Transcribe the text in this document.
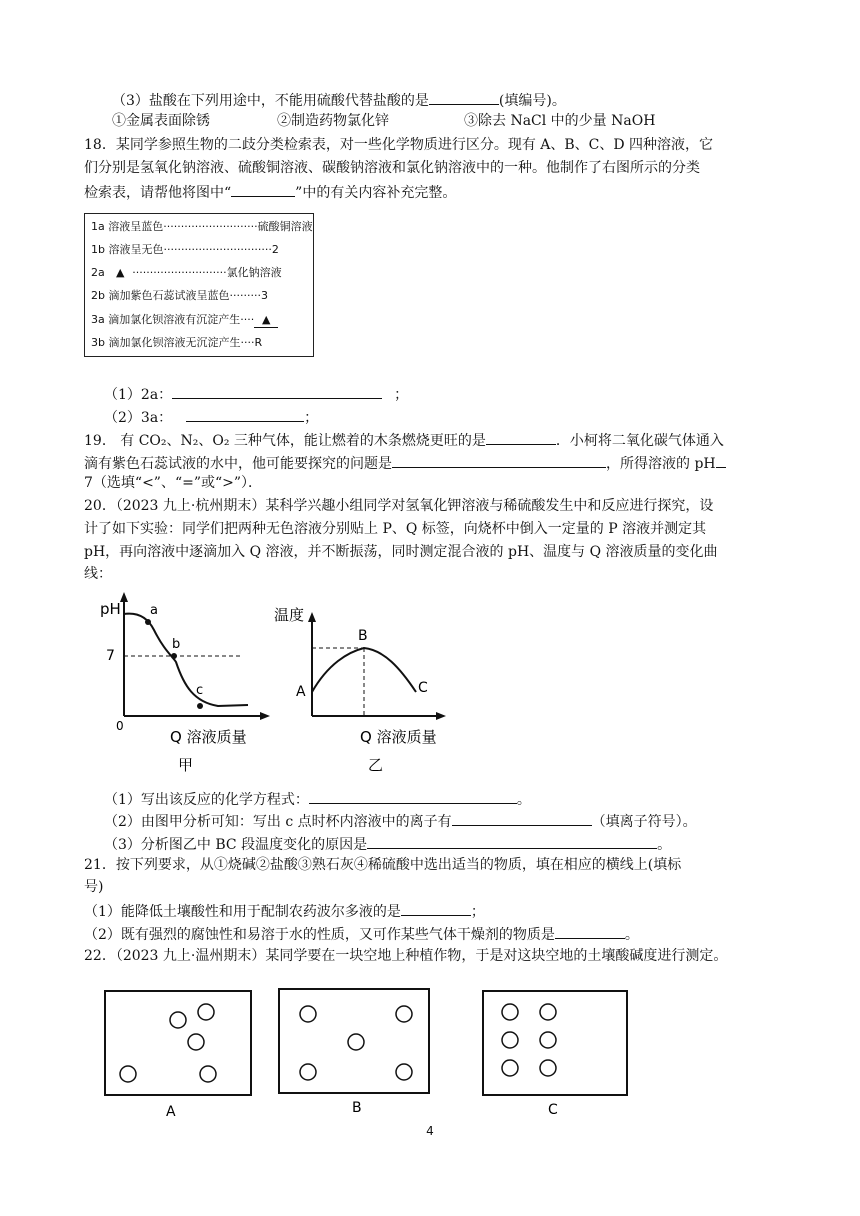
（3）盐酸在下列用途中，不能用硫酸代替盐酸的是	(填编号)。
①金属表面除锈	②制造药物氯化锌	③除去 NaCl 中的少量 NaOH
18．某同学参照生物的二歧分类检索表，对一些化学物质进行区分。现有 A、B、C、D 四种溶液，它
们分别是氢氧化钠溶液、硫酸铜溶液、碳酸钠溶液和氯化钠溶液中的一种。他制作了右图所示的分类
检索表，请帮他将图中“	”中的有关内容补充完整。
1a 溶液呈蓝色···························硫酸铜溶液
1b 溶液呈无色·······························2
2a ▲ ···························氯化钠溶液
2b 滴加紫色石蕊试液呈蓝色·········3
3a 滴加氯化钡溶液有沉淀产生···· ▲
3b 滴加氯化钡溶液无沉淀产生····R
（1）2a：	；
（2）3a：	；
19． 有 CO₂、N₂、O₂ 三种气体，能让燃着的木条燃烧更旺的是	．小柯将二氧化碳气体通入
滴有紫色石蕊试液的水中，他可能要探究的问题是	，所得溶液的 pH
7（选填“<”、“=”或“>”）．
20．（2023 九上·杭州期末）某科学兴趣小组同学对氢氧化钾溶液与稀硫酸发生中和反应进行探究，设
计了如下实验：同学们把两种无色溶液分别贴上 P、Q 标签，向烧杯中倒入一定量的 P 溶液并测定其
pH，再向溶液中逐滴加入 Q 溶液，并不断振荡，同时测定混合液的 pH、温度与 Q 溶液质量的变化曲
线：
pH
7
a
b
c
0
Q 溶液质量
甲
温度
A
B
C
Q 溶液质量
乙
（1）写出该反应的化学方程式：	。
（2）由图甲分析可知：写出 c 点时杯内溶液中的离子有	（填离子符号）。
（3）分析图乙中 BC 段温度变化的原因是	。
21．按下列要求，从①烧碱②盐酸③熟石灰④稀硫酸中选出适当的物质，填在相应的横线上(填标
号)
（1）能降低土壤酸性和用于配制农药波尔多液的是	；
（2）既有强烈的腐蚀性和易溶于水的性质，又可作某些气体干燥剂的物质是	。
22．（2023 九上·温州期末）某同学要在一块空地上种植作物，于是对这块空地的土壤酸碱度进行测定。
A	B	C
4
